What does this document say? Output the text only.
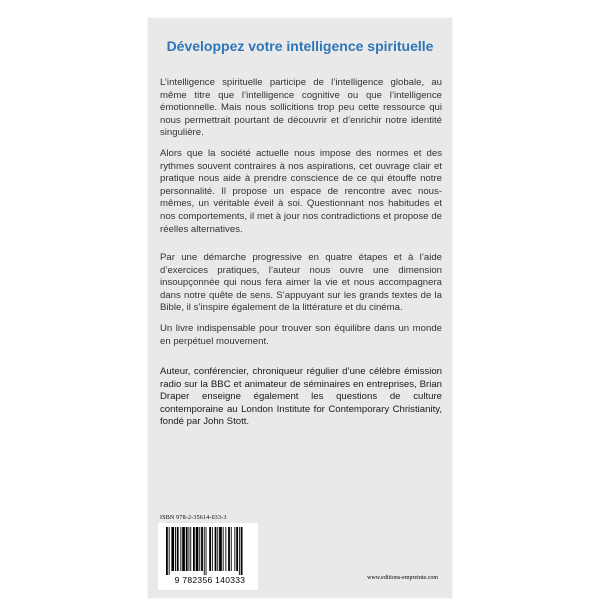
Développez votre intelligence spirituelle

L’intelligence spirituelle participe de l’intelligence globale, au même titre que l’intelligence cognitive ou que l’intelligence émotionnelle. Mais nous sollicitions trop peu cette ressource qui nous permettrait pourtant de découvrir et d’enrichir notre identité singulière.

Alors que la société actuelle nous impose des normes et des rythmes souvent contraires à nos aspirations, cet ouvrage clair et pratique nous aide à prendre conscience de ce qui étouffe notre personnalité. Il propose un espace de rencontre avec nous-mêmes, un véritable éveil à soi. Questionnant nos habitudes et nos comportements, il met à jour nos contradictions et propose de réelles alternatives.

Par une démarche progressive en quatre étapes et à l’aide d’exercices pratiques, l’auteur nous ouvre une dimension insoupçonnée qui nous fera aimer la vie et nous accompagnera dans notre quête de sens. S’appuyant sur les grands textes de la Bible, il s’inspire également de la littérature et du cinéma.

Un livre indispensable pour trouver son équilibre dans un monde en perpétuel mouvement.

Auteur, conférencier, chroniqueur régulier d’une célèbre émission radio sur la BBC et animateur de séminaires en entreprises, Brian Draper enseigne également les questions de culture contemporaine au London Institute for Contemporary Christianity, fondé par John Stott.

ISBN 978-2-35614-033-3
9 782356 140333	www.editions-empreinte.com
